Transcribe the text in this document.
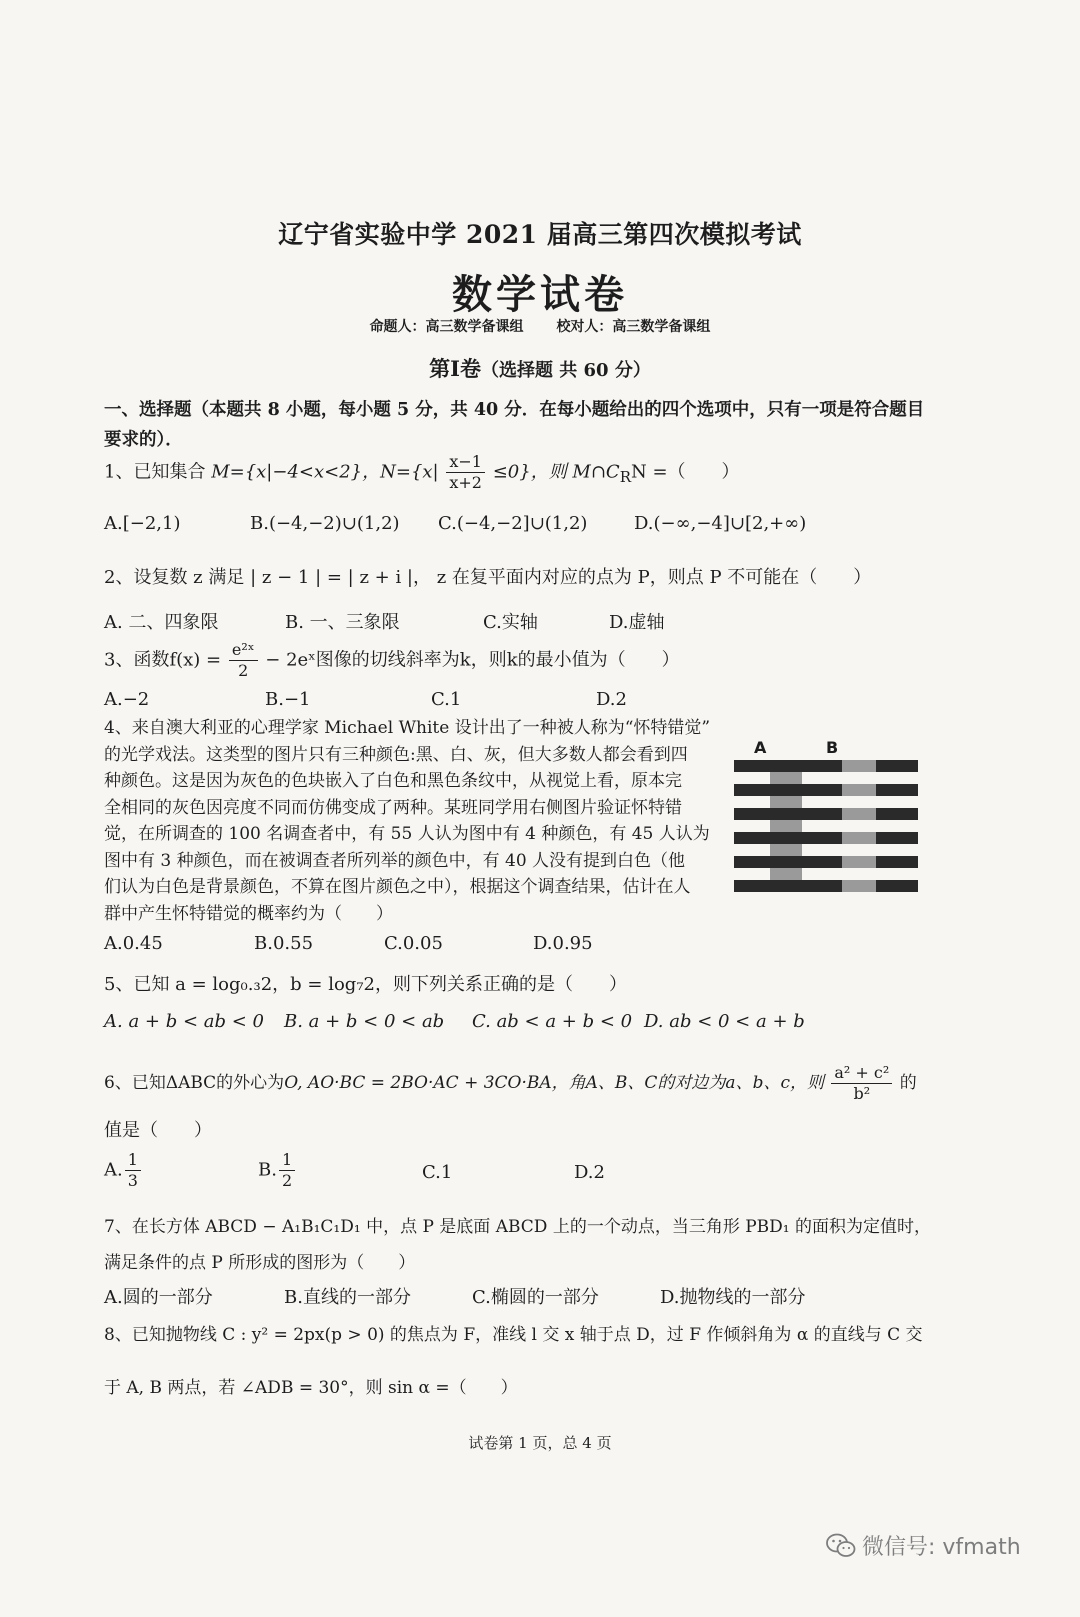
辽宁省实验中学 2021 届高三第四次模拟考试
数学试卷
命题人：高三数学备课组 校对人：高三数学备课组
第Ⅰ卷（选择题 共 60 分）
一、选择题（本题共 8 小题，每小题 5 分，共 40 分．在每小题给出的四个选项中，只有一项是符合题目
要求的）．
1、已知集合 M={x|−4<x<2}，$N=\{x| \frac{x-1}{x+2} \le 0\}$，则 $M\cap C_RN$ =（　　）
A.[−2,1)	B.(−4,−2)∪(1,2) C.(−4,−2]∪(1,2)	D.(−∞,−4]∪[2,+∞)
2、设复数 z 满足 | z − 1 | = | z + i |， z 在复平面内对应的点为 P，则点 P 不可能在（　　）
A. 二、四象限	B. 一、三象限	C.实轴	D.虚轴
3、函数$f(x) = \frac{\text{e²ˣ}}{2}$ − 2eˣ图像的切线斜率为k，则k的最小值为（　　）
A.−2	B.−1	C.1	D.2
4、来自澳大利亚的心理学家 Michael White 设计出了一种被人称为“怀特错觉”
的光学戏法。这类型的图片只有三种颜色:黑、白、灰，但大多数人都会看到四
种颜色。这是因为灰色的色块嵌入了白色和黑色条纹中，从视觉上看，原本完
全相同的灰色因亮度不同而仿佛变成了两种。某班同学用右侧图片验证怀特错
觉，在所调查的 100 名调查者中，有 55 人认为图中有 4 种颜色，有 45 人认为
图中有 3 种颜色，而在被调查者所列举的颜色中，有 40 人没有提到白色（他
们认为白色是背景颜色，不算在图片颜色之中），根据这个调查结果，估计在人
群中产生怀特错觉的概率约为（　　）
A.0.45	B.0.55	C.0.05	D.0.95
A	B
5、已知 a = log₀.₃2，b = log₇2，则下列关系正确的是（　　）
A. a + b < ab < 0 B. a + b < 0 < ab C. ab < a + b < 0 D. ab < 0 < a + b
6、已知ΔABC的外心为O, AO·BC = 2BO·AC + 3CO·BA，角A、B、C的对边为a、b、c，则 $\frac{\text{a² + c²}}{\text{b²}}$ 的
值是（　　）
A. $\frac{1}{3}$	B. $\frac{1}{2}$	C.1	D.2
7、在长方体 ABCD − A₁B₁C₁D₁ 中，点 P 是底面 ABCD 上的一个动点，当三角形 PBD₁ 的面积为定值时，
满足条件的点 P 所形成的图形为（　　）
A.圆的一部分	B.直线的一部分	C.椭圆的一部分	D.抛物线的一部分
8、已知抛物线 C : y² = 2px(p > 0) 的焦点为 F，准线 l 交 x 轴于点 D，过 F 作倾斜角为 α 的直线与 C 交
于 A, B 两点，若 ∠ADB = 30°，则 sin α =（　　）
试卷第 1 页，总 4 页
微信号: vfmath
